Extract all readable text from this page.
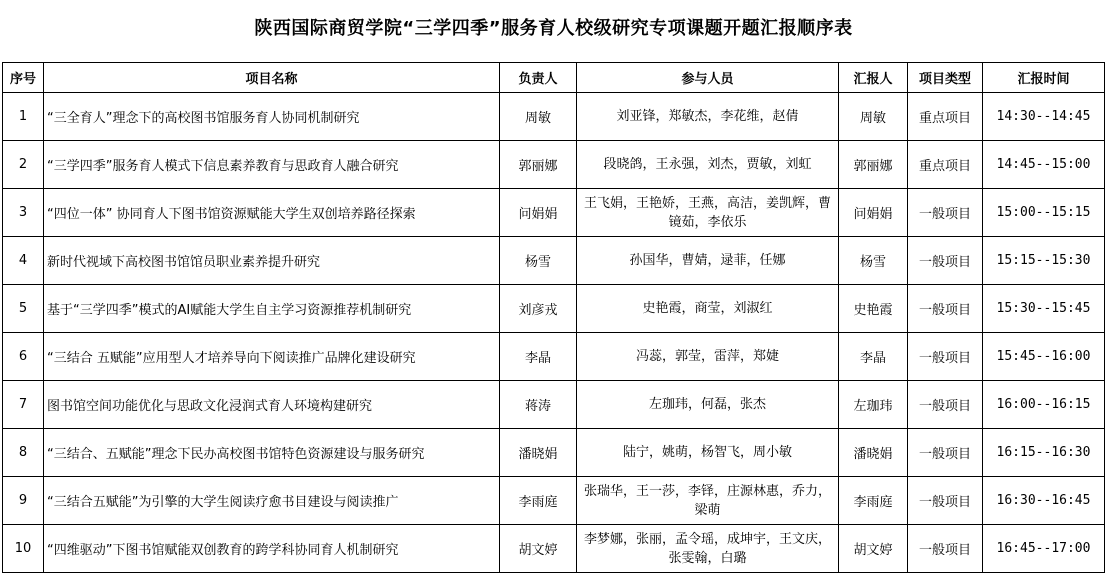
陕西国际商贸学院“三学四季”服务育人校级研究专项课题开题汇报顺序表
序号	项目名称	负责人	参与人员	汇报人	项目类型	汇报时间
1	“三全育人”理念下的高校图书馆服务育人协同机制研究	周敏	刘亚锋，郑敏杰，李花维，赵倩	周敏	重点项目	14:30--14:45
2	“三学四季”服务育人模式下信息素养教育与思政育人融合研究	郭丽娜	段晓鸽，王永强，刘杰，贾敏，刘虹	郭丽娜	重点项目	14:45--15:00
3	“四位一体” 协同育人下图书馆资源赋能大学生双创培养路径探索	问娟娟	王飞娟，王艳娇，王燕，高洁，姜凯辉，曹镜茹，李依乐	问娟娟	一般项目	15:00--15:15
4	新时代视域下高校图书馆馆员职业素养提升研究	杨雪	孙国华，曹婧，逯菲，任娜	杨雪	一般项目	15:15--15:30
5	基于“三学四季”模式的AI赋能大学生自主学习资源推荐机制研究	刘彦戎	史艳霞，商莹，刘淑红	史艳霞	一般项目	15:30--15:45
6	“三结合 五赋能”应用型人才培养导向下阅读推广品牌化建设研究	李晶	冯蕊，郭莹，雷萍，郑婕	李晶	一般项目	15:45--16:00
7	图书馆空间功能优化与思政文化浸润式育人环境构建研究	蒋涛	左珈玮，何磊，张杰	左珈玮	一般项目	16:00--16:15
8	“三结合、五赋能”理念下民办高校图书馆特色资源建设与服务研究	潘晓娟	陆宁，姚萌，杨智飞，周小敏	潘晓娟	一般项目	16:15--16:30
9	“三结合五赋能”为引擎的大学生阅读疗愈书目建设与阅读推广	李雨庭	张瑞华，王一莎，李铎，庄源林惠，乔力，梁萌	李雨庭	一般项目	16:30--16:45
10	“四维驱动”下图书馆赋能双创教育的跨学科协同育人机制研究	胡文婷	李梦娜，张丽，孟令瑶，成坤宇，王文庆，张雯翰，白璐	胡文婷	一般项目	16:45--17:00
